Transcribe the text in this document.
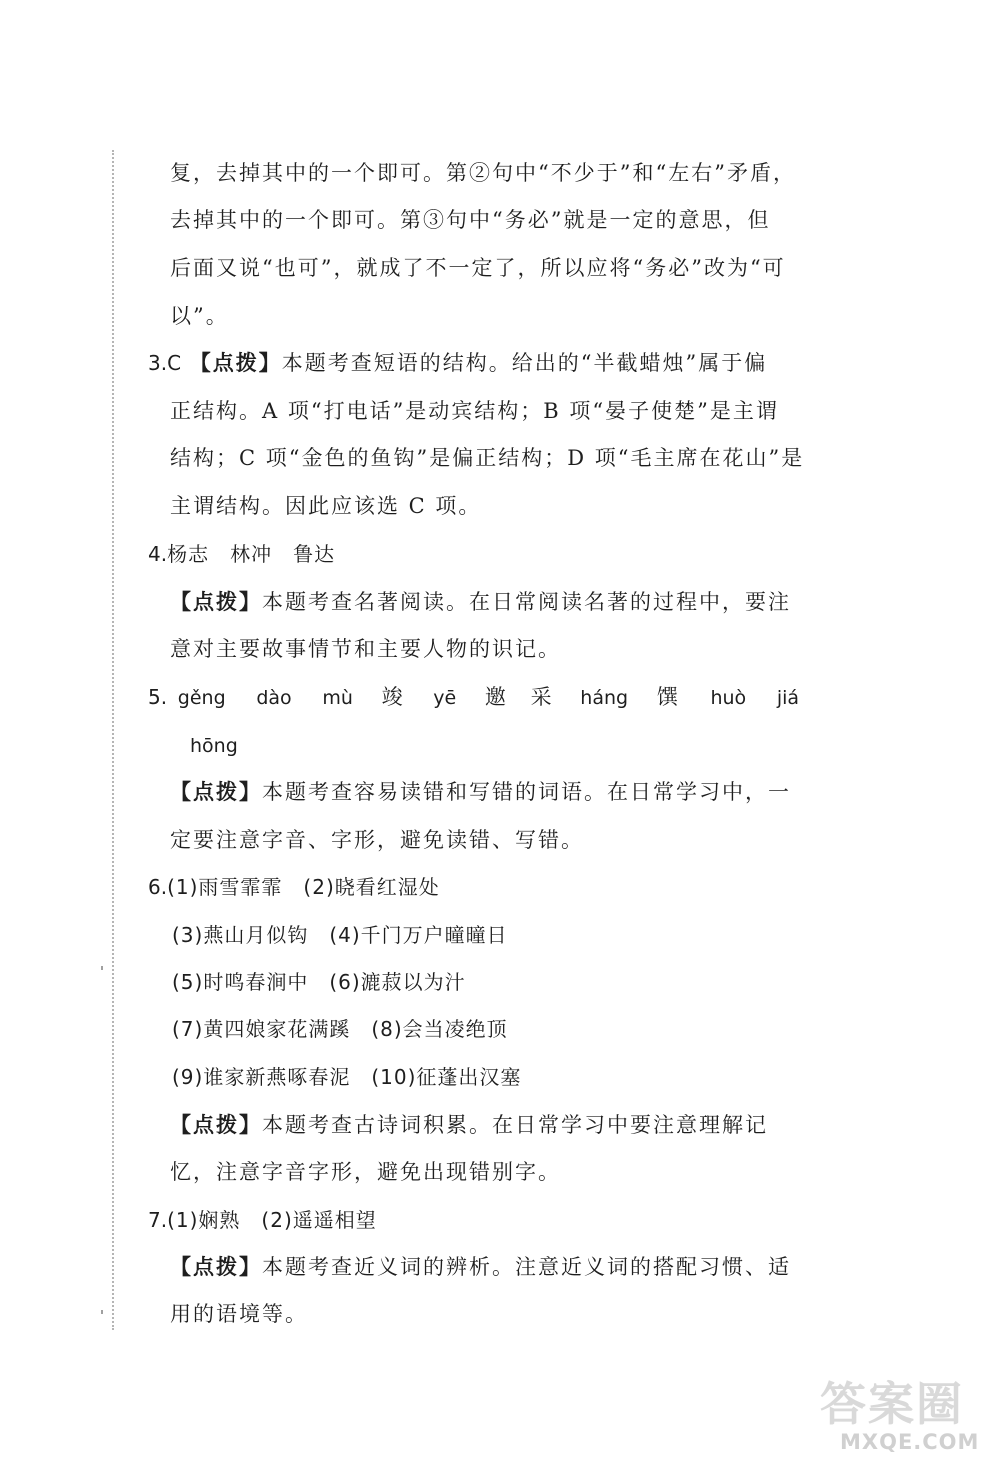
复，去掉其中的一个即可。第②句中“不少于”和“左右”矛盾，
去掉其中的一个即可。第③句中“务必”就是一定的意思，但
后面又说“也可”，就成了不一定了，所以应将“务必”改为“可
以”。
3.C 【点拨】本题考查短语的结构。给出的“半截蜡烛”属于偏
正结构。A 项“打电话”是动宾结构；B 项“晏子使楚”是主谓
结构；C 项“金色的鱼钩”是偏正结构；D 项“毛主席在花山”是
主谓结构。因此应该选 C 项。
4.杨志　林冲　鲁达
【点拨】本题考查名著阅读。在日常阅读名著的过程中，要注
意对主要故事情节和主要人物的识记。
5. gěng dào mù 竣 yē 邀 采 háng 馔 huò jiá
hōng
【点拨】本题考查容易读错和写错的词语。在日常学习中，一
定要注意字音、字形，避免读错、写错。
6.(1)雨雪霏霏　(2)晓看红湿处
(3)燕山月似钩　(4)千门万户曈曈日
(5)时鸣春涧中　(6)漉菽以为汁
(7)黄四娘家花满蹊　(8)会当凌绝顶
(9)谁家新燕啄春泥　(10)征蓬出汉塞
【点拨】本题考查古诗词积累。在日常学习中要注意理解记
忆，注意字音字形，避免出现错别字。
7.(1)娴熟　(2)遥遥相望
【点拨】本题考查近义词的辨析。注意近义词的搭配习惯、适
用的语境等。
答案圈
MXQE.COM
